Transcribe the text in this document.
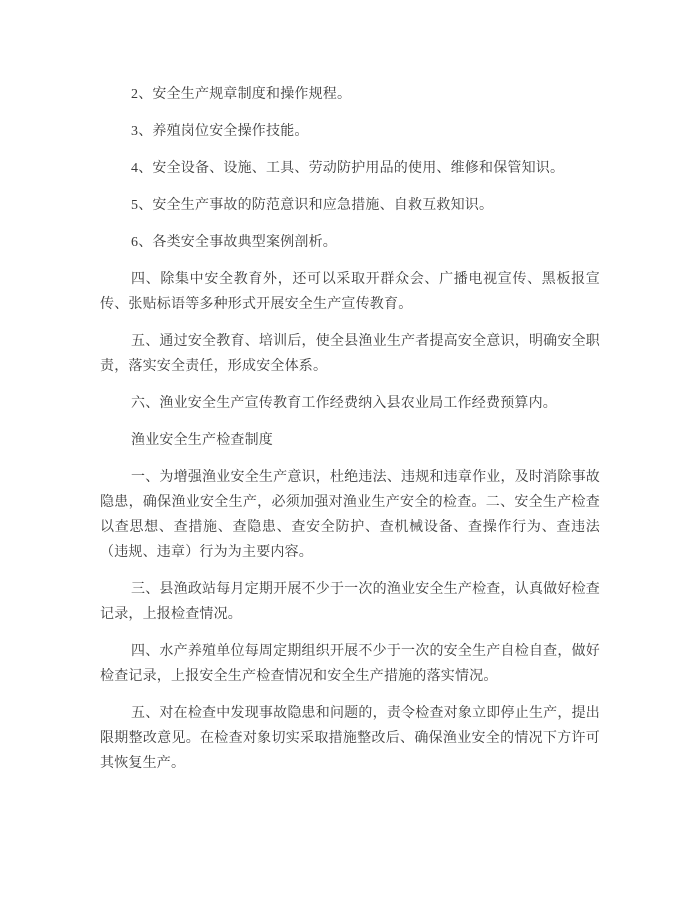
2、安全生产规章制度和操作规程。

3、养殖岗位安全操作技能。

4、安全设备、设施、工具、劳动防护用品的使用、维修和保管知识。

5、安全生产事故的防范意识和应急措施、自救互救知识。

6、各类安全事故典型案例剖析。

四、除集中安全教育外，还可以采取开群众会、广播电视宣传、黑板报宣传、张贴标语等多种形式开展安全生产宣传教育。

五、通过安全教育、培训后，使全县渔业生产者提高安全意识，明确安全职责，落实安全责任，形成安全体系。

六、渔业安全生产宣传教育工作经费纳入县农业局工作经费预算内。

渔业安全生产检查制度

一、为增强渔业安全生产意识，杜绝违法、违规和违章作业，及时消除事故隐患，确保渔业安全生产，必须加强对渔业生产安全的检查。二、安全生产检查以查思想、查措施、查隐患、查安全防护、查机械设备、查操作行为、查违法（违规、违章）行为为主要内容。

三、县渔政站每月定期开展不少于一次的渔业安全生产检查，认真做好检查记录，上报检查情况。

四、水产养殖单位每周定期组织开展不少于一次的安全生产自检自查，做好检查记录，上报安全生产检查情况和安全生产措施的落实情况。

五、对在检查中发现事故隐患和问题的，责令检查对象立即停止生产，提出限期整改意见。在检查对象切实采取措施整改后、确保渔业安全的情况下方许可其恢复生产。
